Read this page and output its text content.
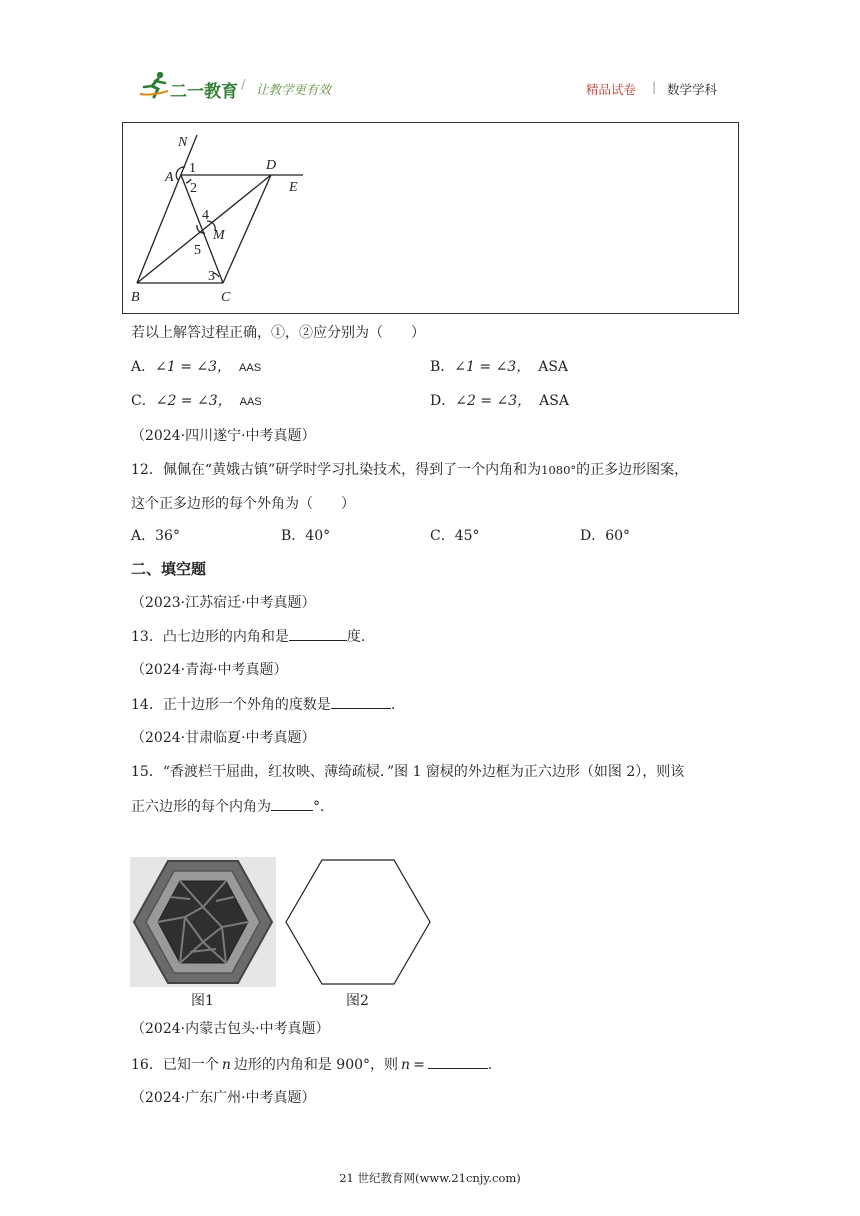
二一教育 / 让教学更有效	精品试卷 | 数学学科
N
A
D
E
M
B	C
1
2
4
5
3
若以上解答过程正确，①，②应分别为（　　）
A．∠1 = ∠3， AAS	B．∠1 = ∠3， ASA
C．∠2 = ∠3， AAS	D．∠2 = ∠3， ASA
（2024·四川遂宁·中考真题）
12．佩佩在“黄娥古镇”研学时学习扎染技术，得到了一个内角和为1080°的正多边形图案，
这个正多边形的每个外角为（　　）
A．36°	B．40°	C．45°	D．60°
二、填空题
（2023·江苏宿迁·中考真题）
13．凸七边形的内角和是	度.
（2024·青海·中考真题）
14．正十边形一个外角的度数是	.
（2024·甘肃临夏·中考真题）
15．“香渡栏干屈曲，红妆映、薄绮疏棂．”图 1 窗棂的外边框为正六边形（如图 2），则该
正六边形的每个内角为	°．
图1	图2
（2024·内蒙古包头·中考真题）
16．已知一个 n 边形的内角和是 900°，则 n =	.
（2024·广东广州·中考真题）
21 世纪教育网(www.21cnjy.com)
